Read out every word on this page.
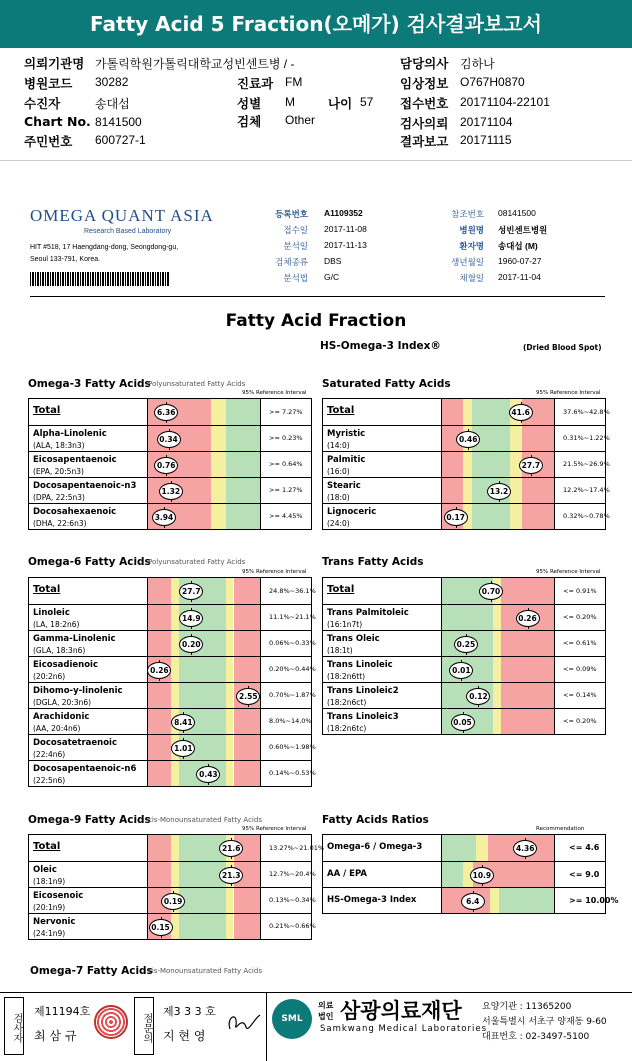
Fatty Acid 5 Fraction(오메가) 검사결과보고서
의뢰기관명 가톨릭학원가톨릭대학교성빈센트병 / -	담당의사 김하나
병원코드 30282	진료과 FM	임상정보 O767H0870
수진자	송대섭	성별 M	나이 57 접수번호 20171104-22101
Chart No. 8141500	검체 Other	검사의뢰 20171104
주민번호 600727-1	결과보고 20171115
OMEGA QUANT ASIA
Research Based Laboratory
HIT #518, 17 Haengdang-dong, Seongdong-gu,
Seoul 133-791, Korea.
등록번호 A1109352	참조번호 08141500
접수일 2017-11-08	병원명 성빈센트병원
분석일 2017-11-13	환자명 송대섭 (M)
검체종류 DBS	생년월일 1960-07-27
분석법 G/C	채혈일 2017-11-04
Fatty Acid Fraction
HS-Omega-3 Index®	(Dried Blood Spot)
Omega-3 Fatty Acids
Polyunsaturated Fatty Acids
95% Reference Interval
Total	6.36	>= 7.27%
Alpha-Linolenic
(ALA, 18:3n3)
0.34	>= 0.23%
Eicosapentaenoic
(EPA, 20:5n3)
0.76	>= 0.64%
Docosapentaenoic-n3
(DPA, 22:5n3)
1.32	>= 1.27%
Docosahexaenoic
(DHA, 22:6n3)
3.94	>= 4.45%
Saturated Fatty Acids
95% Reference Interval
Total	41.6	37.6%~42.8%
Myristic
(14:0)
0.46	0.31%~1.22%
Palmitic
(16:0)
27.7	21.5%~26.9%
Stearic
(18:0)
13.2	12.2%~17.4%
Lignoceric
(24:0)
0.17	0.32%~0.78%
Omega-6 Fatty Acids
Polyunsaturated Fatty Acids
95% Reference Interval
Total	27.7	24.8%~36.1%
Linoleic
(LA, 18:2n6)
14.9	11.1%~21.1%
Gamma-Linolenic
(GLA, 18:3n6)
0.20	0.06%~0.33%
Eicosadienoic
(20:2n6)
0.26	0.20%~0.44%
Dihomo-y-linolenic
(DGLA, 20:3n6)
2.55	0.70%~1.87%
Arachidonic
(AA, 20:4n6)
8.41	8.0%~14.0%
Docosatetraenoic
(22:4n6)
1.01	0.60%~1.98%
Docosapentaenoic-n6
(22:5n6)
0.43	0.14%~0.53%
Trans Fatty Acids
95% Reference Interval
Total	0.70	<= 0.91%
Trans Palmitoleic
(16:1n7t)
0.26	<= 0.20%
Trans Oleic
(18:1t)
0.25	<= 0.61%
Trans Linoleic
(18:2n6tt)
0.01	<= 0.09%
Trans Linoleic2
(18:2n6ct)
0.12	<= 0.14%
Trans Linoleic3
(18:2n6tc)
0.05	<= 0.20%
Omega-9 Fatty Acids
cis-Monounsaturated Fatty Acids
95% Reference Interval
Total	21.6	13.27%~21.01%
Oleic
(18:1n9)
21.3	12.7%~20.4%
Eicosenoic
(20:1n9)
0.19	0.13%~0.34%
Nervonic
(24:1n9)
0.15	0.21%~0.66%
Fatty Acids Ratios
Recommendation
Omega-6 / Omega-3	4.36	<= 4.6
AA / EPA	10.9	<= 9.0
HS-Omega-3 Index	6.4	>= 10.00%
Omega-7 Fatty Acids
cis-Monounsaturated Fatty Acids
검사자
제11194호
최 삼 규	점문의
제3 3 3 호
지 현 영
SML
의료법인 삼광의료재단
Samkwang Medical Laboratories
요양기관 : 11365200
서울특별시 서초구 양재동 9-60
대표번호 : 02-3497-5100
